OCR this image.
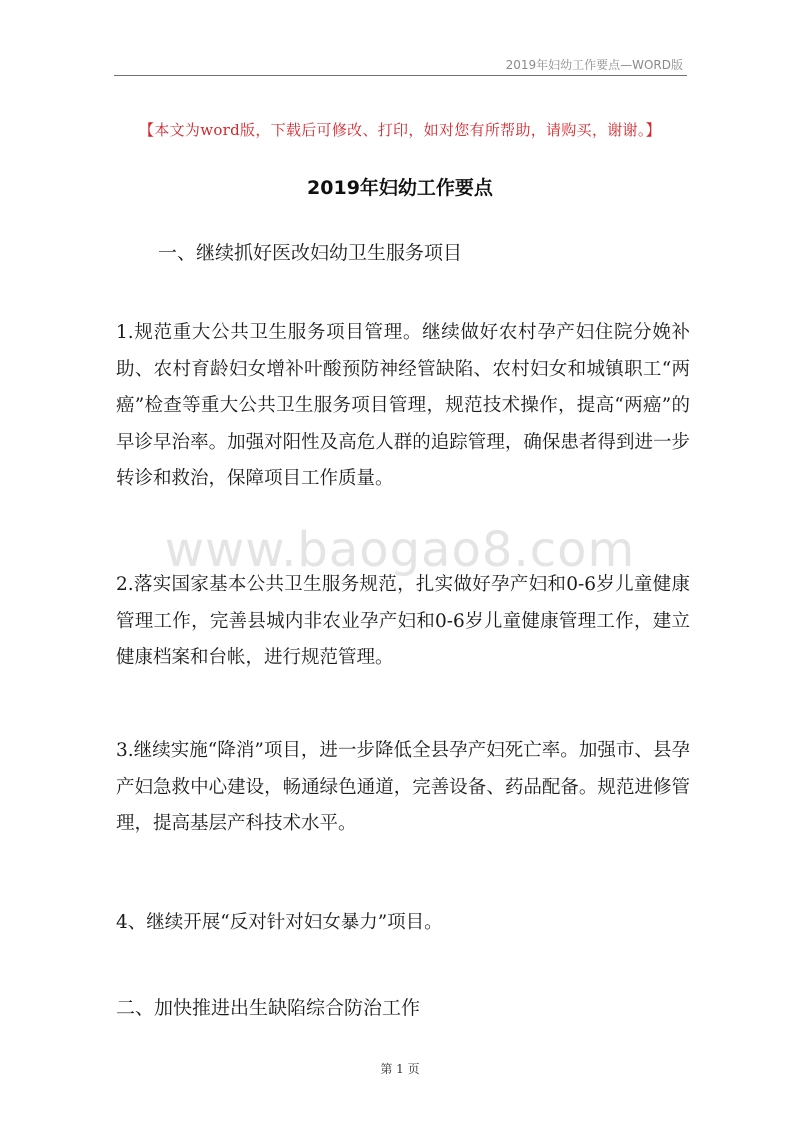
2019年妇幼工作要点—WORD版
【本文为word版，下载后可修改、打印，如对您有所帮助，请购买，谢谢。】
2019年妇幼工作要点
一、继续抓好医改妇幼卫生服务项目
1.规范重大公共卫生服务项目管理。继续做好农村孕产妇住院分娩补助、农村育龄妇女增补叶酸预防神经管缺陷、农村妇女和城镇职工“两癌”检查等重大公共卫生服务项目管理，规范技术操作，提高“两癌”的早诊早治率。加强对阳性及高危人群的追踪管理，确保患者得到进一步转诊和救治，保障项目工作质量。
www.baogao8.com
2.落实国家基本公共卫生服务规范，扎实做好孕产妇和0-6岁儿童健康管理工作，完善县城内非农业孕产妇和0-6岁儿童健康管理工作，建立健康档案和台帐，进行规范管理。
3.继续实施“降消”项目，进一步降低全县孕产妇死亡率。加强市、县孕产妇急救中心建设，畅通绿色通道，完善设备、药品配备。规范进修管理，提高基层产科技术水平。
4、继续开展“反对针对妇女暴力”项目。
二、加快推进出生缺陷综合防治工作
第 1 页
